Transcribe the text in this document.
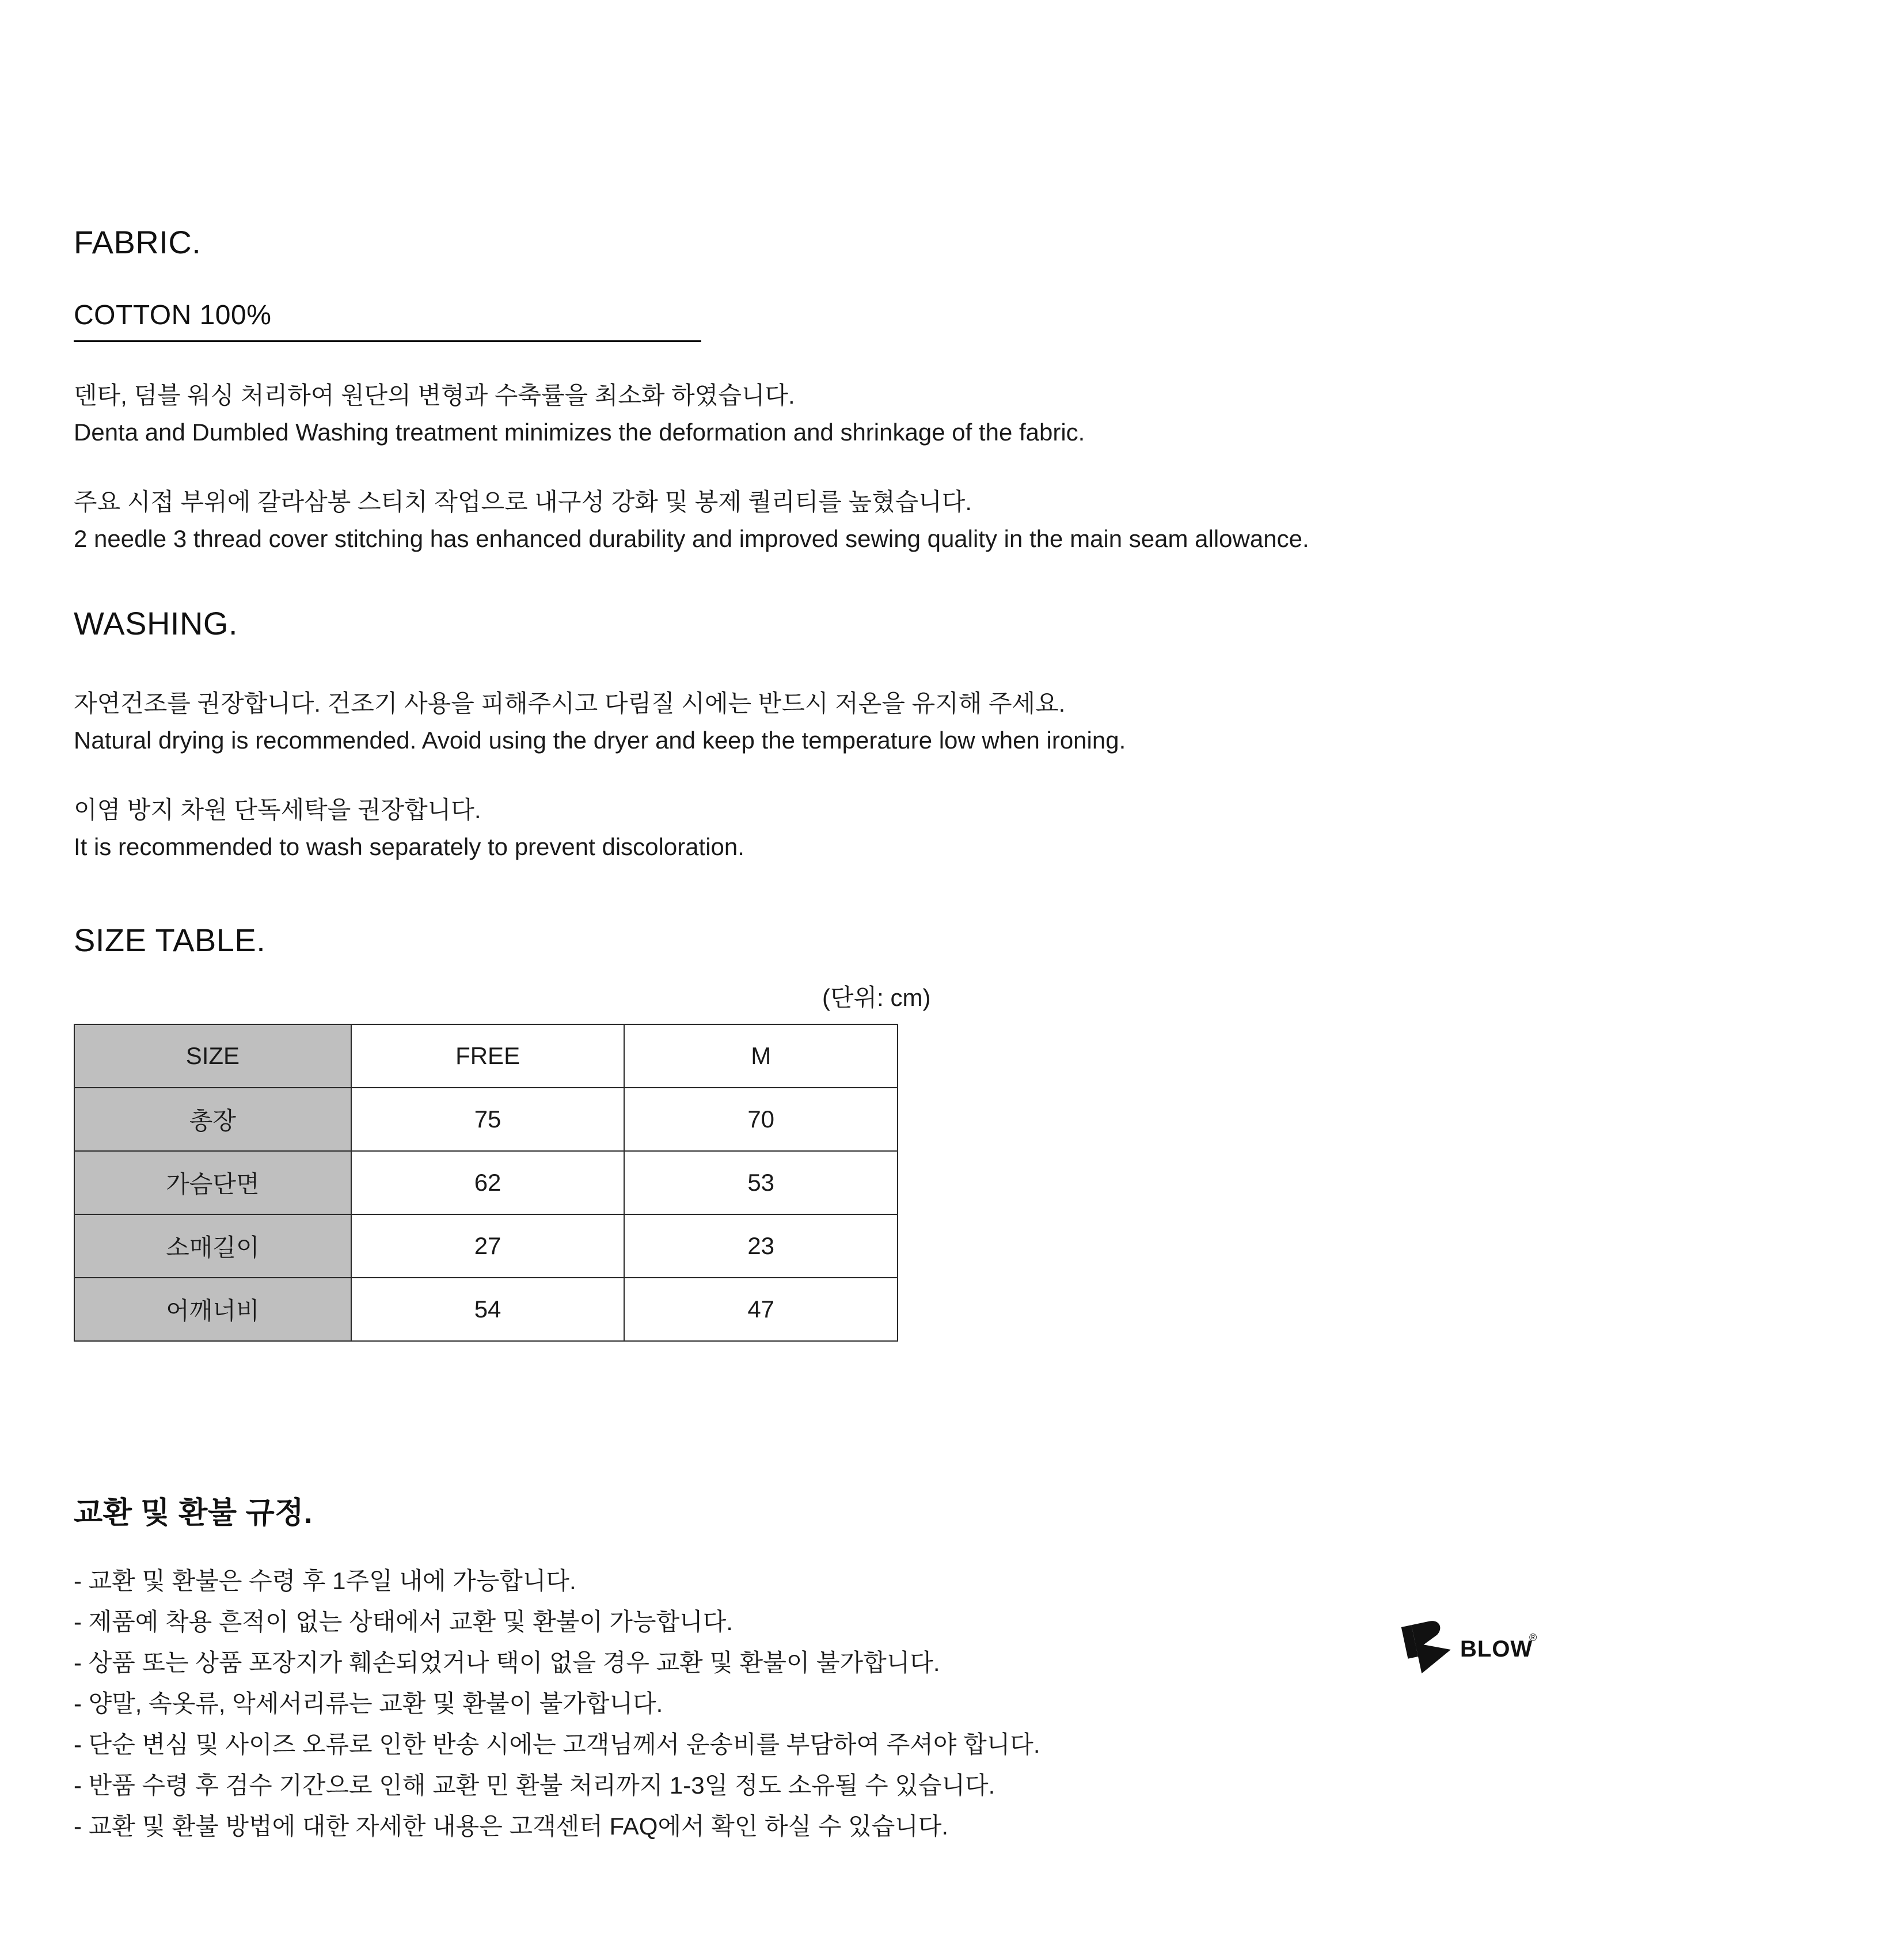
FABRIC.
COTTON 100%
덴타, 덤블 워싱 처리하여 원단의 변형과 수축률을 최소화 하였습니다.
Denta and Dumbled Washing treatment minimizes the deformation and shrinkage of the fabric.
주요 시접 부위에 갈라삼봉 스티치 작업으로 내구성 강화 및 봉제 퀄리티를 높혔습니다.
2 needle 3 thread cover stitching has enhanced durability and improved sewing quality in the main seam allowance.
WASHING.
자연건조를 권장합니다. 건조기 사용을 피해주시고 다림질 시에는 반드시 저온을 유지해 주세요.
Natural drying is recommended. Avoid using the dryer and keep the temperature low when ironing.
이염 방지 차원 단독세탁을 권장합니다.
It is recommended to wash separately to prevent discoloration.
SIZE TABLE.
(단위: cm)
SIZE	FREE	M
총장	75	70
가슴단면	62	53
소매길이	27	23
어깨너비	54	47
교환 및 환불 규정.
- 교환 및 환불은 수령 후 1주일 내에 가능합니다.
- 제품예 착용 흔적이 없는 상태에서 교환 및 환불이 가능합니다.
- 상품 또는 상품 포장지가 훼손되었거나 택이 없을 경우 교환 및 환불이 불가합니다.
- 양말, 속옷류, 악세서리류는 교환 및 환불이 불가합니다.
- 단순 변심 및 사이즈 오류로 인한 반송 시에는 고객님께서 운송비를 부담하여 주셔야 합니다.
- 반품 수령 후 검수 기간으로 인해 교환 민 환불 처리까지 1-3일 정도 소유될 수 있습니다.
- 교환 및 환불 방법에 대한 자세한 내용은 고객센터 FAQ에서 확인 하실 수 있습니다.
BLOW
®
